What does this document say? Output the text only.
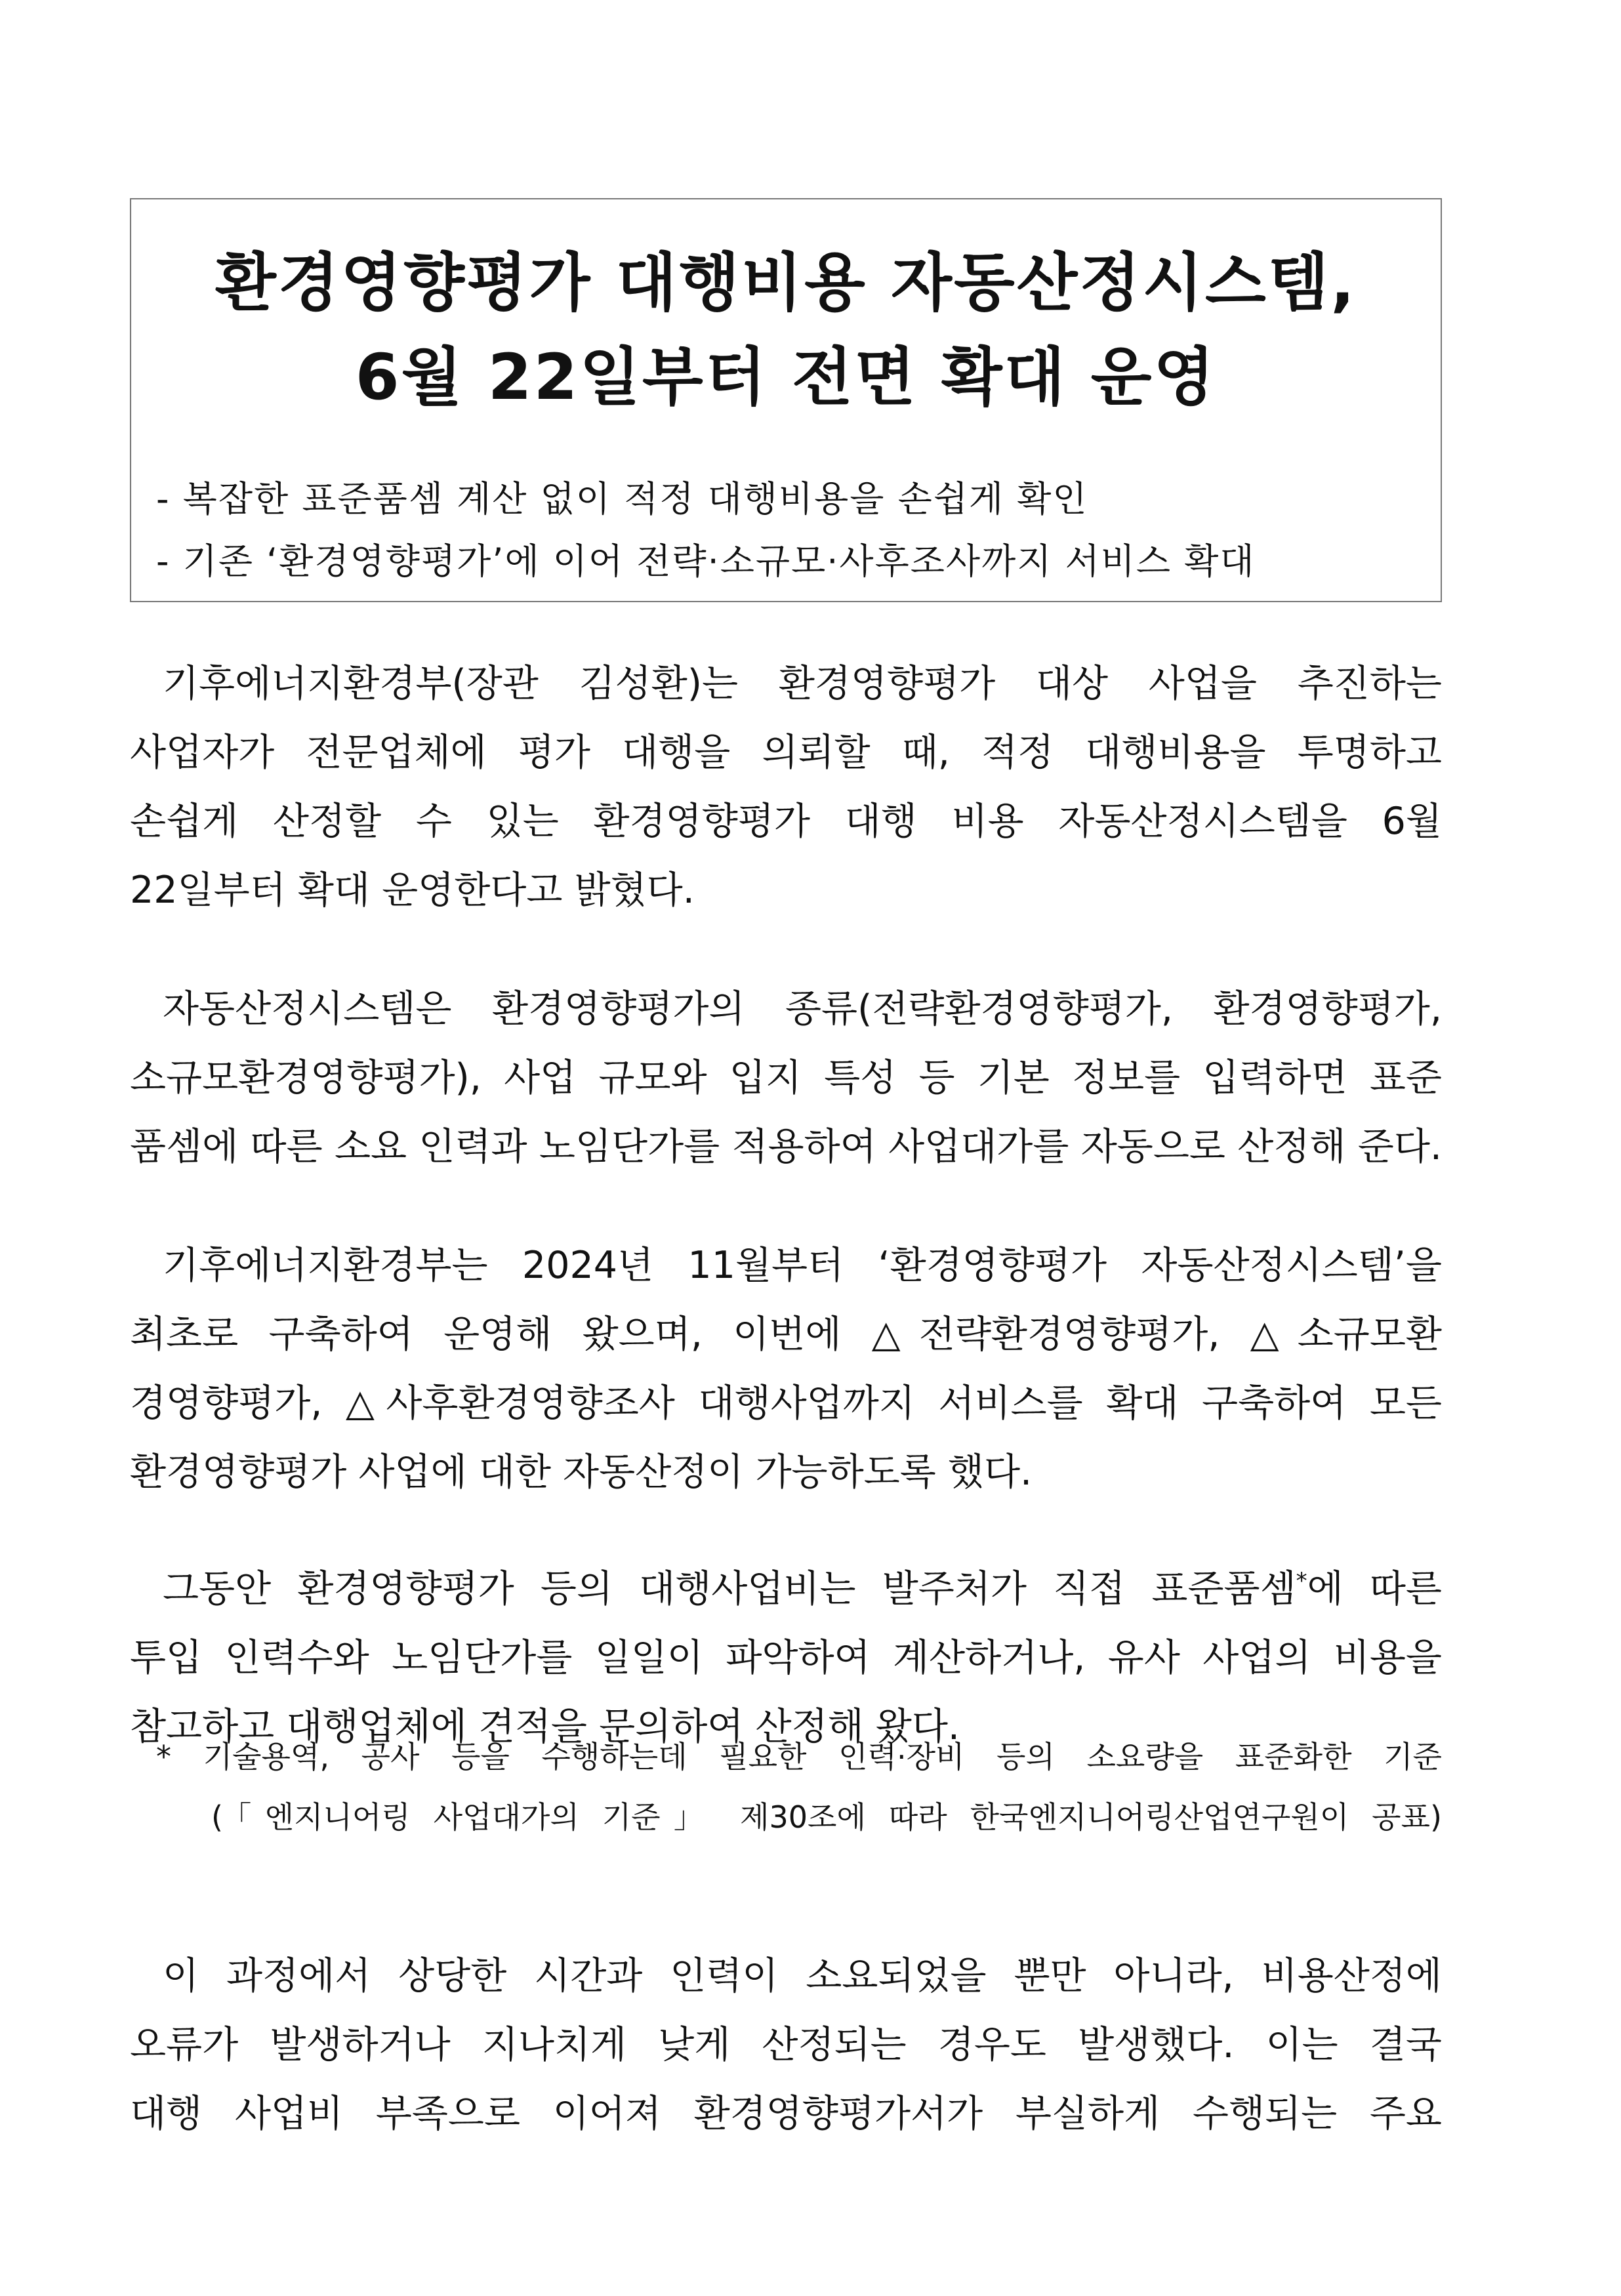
환경영향평가 대행비용 자동산정시스템,
6월 22일부터 전면 확대 운영
- 복잡한 표준품셈 계산 없이 적정 대행비용을 손쉽게 확인
- 기존 ‘환경영향평가’에 이어 전략·소규모·사후조사까지 서비스 확대
기후에너지환경부(장관 김성환)는 환경영향평가 대상 사업을 추진하는
사업자가 전문업체에 평가 대행을 의뢰할 때, 적정 대행비용을 투명하고
손쉽게 산정할 수 있는 환경영향평가 대행 비용 자동산정시스템을 6월
22일부터 확대 운영한다고 밝혔다.
자동산정시스템은 환경영향평가의 종류(전략환경영향평가, 환경영향평가,
소규모환경영향평가), 사업 규모와 입지 특성 등 기본 정보를 입력하면 표준
품셈에 따른 소요 인력과 노임단가를 적용하여 사업대가를 자동으로 산정해 준다.
기후에너지환경부는 2024년 11월부터 ‘환경영향평가 자동산정시스템’을
최초로 구축하여 운영해 왔으며, 이번에 △전략환경영향평가, △소규모환
경영향평가, △사후환경영향조사 대행사업까지 서비스를 확대 구축하여 모든
환경영향평가 사업에 대한 자동산정이 가능하도록 했다.
그동안 환경영향평가 등의 대행사업비는 발주처가 직접 표준품셈*에 따른
투입 인력수와 노임단가를 일일이 파악하여 계산하거나, 유사 사업의 비용을
참고하고 대행업체에 견적을 문의하여 산정해 왔다.
* 기술용역, 공사 등을 수행하는데 필요한 인력·장비 등의 소요량을 표준화한 기준
(「엔지니어링 사업대가의 기준」 제30조에 따라 한국엔지니어링산업연구원이 공표)
이 과정에서 상당한 시간과 인력이 소요되었을 뿐만 아니라, 비용산정에
오류가 발생하거나 지나치게 낮게 산정되는 경우도 발생했다. 이는 결국
대행 사업비 부족으로 이어져 환경영향평가서가 부실하게 수행되는 주요
